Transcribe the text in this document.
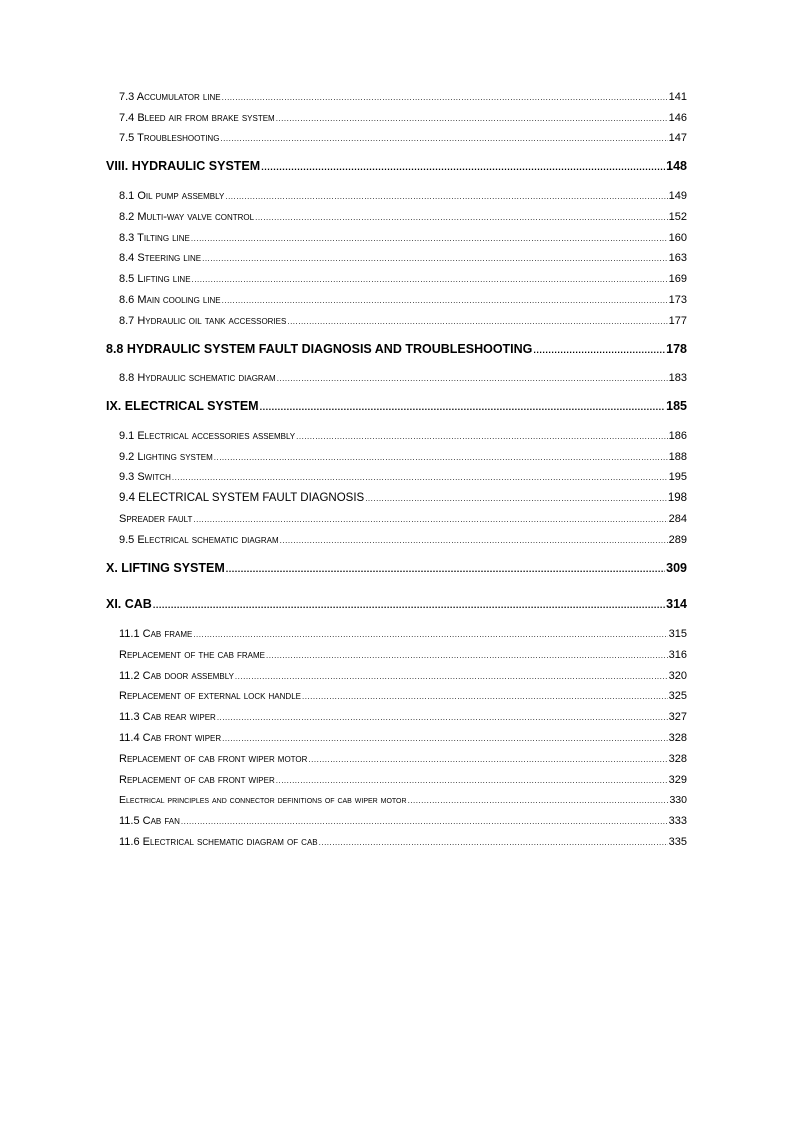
7.3 Accumulator line .....	141
7.4 Bleed air from brake system .....	146
7.5 Troubleshooting .....	147
VIII. HYDRAULIC SYSTEM .....	148
8.1 Oil pump assembly .....	149
8.2 Multi-way valve control .....	152
8.3 Tilting line .....	160
8.4 Steering line .....	163
8.5 Lifting line .....	169
8.6 Main cooling line .....	173
8.7 Hydraulic oil tank accessories .....	177
8.8 HYDRAULIC SYSTEM FAULT DIAGNOSIS AND TROUBLESHOOTING .....	178
8.8 Hydraulic schematic diagram .....	183
IX. ELECTRICAL SYSTEM .....	185
9.1 Electrical accessories assembly .....	186
9.2 Lighting system .....	188
9.3 Switch .....	195
9.4 ELECTRICAL SYSTEM FAULT DIAGNOSIS .....	198
Spreader fault .....	284
9.5 Electrical schematic diagram .....	289
X. LIFTING SYSTEM .....	309
XI. CAB .....	314
11.1 Cab frame .....	315
Replacement of the cab frame .....	316
11.2 Cab door assembly .....	320
Replacement of external lock handle .....	325
11.3 Cab rear wiper .....	327
11.4 Cab front wiper .....	328
Replacement of cab front wiper motor .....	328
Replacement of cab front wiper .....	329
Electrical principles and connector definitions of cab wiper motor .....	330
11.5 Cab fan .....	333
11.6 Electrical schematic diagram of cab .....	335
